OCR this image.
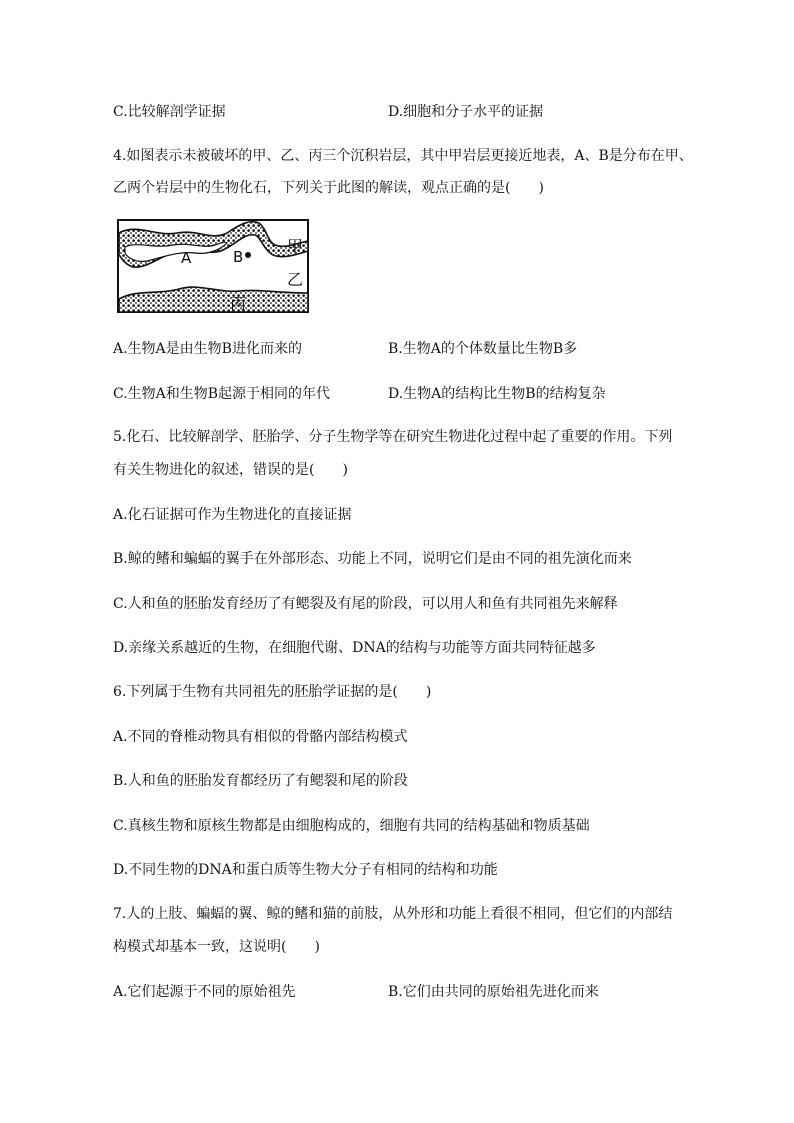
C.比较解剖学证据	D.细胞和分子水平的证据
4.如图表示未被破坏的甲、乙、丙三个沉积岩层，其中甲岩层更接近地表，A、B是分布在甲、
乙两个岩层中的生物化石，下列关于此图的解读，观点正确的是(　　)
A	B
甲
乙
丙
A.生物A是由生物B进化而来的	B.生物A的个体数量比生物B多
C.生物A和生物B起源于相同的年代	D.生物A的结构比生物B的结构复杂
5.化石、比较解剖学、胚胎学、分子生物学等在研究生物进化过程中起了重要的作用。下列
有关生物进化的叙述，错误的是(　　)
A.化石证据可作为生物进化的直接证据
B.鲸的鳍和蝙蝠的翼手在外部形态、功能上不同，说明它们是由不同的祖先演化而来
C.人和鱼的胚胎发育经历了有鳃裂及有尾的阶段，可以用人和鱼有共同祖先来解释
D.亲缘关系越近的生物，在细胞代谢、DNA的结构与功能等方面共同特征越多
6.下列属于生物有共同祖先的胚胎学证据的是(　　)
A.不同的脊椎动物具有相似的骨骼内部结构模式
B.人和鱼的胚胎发育都经历了有鳃裂和尾的阶段
C.真核生物和原核生物都是由细胞构成的，细胞有共同的结构基础和物质基础
D.不同生物的DNA和蛋白质等生物大分子有相同的结构和功能
7.人的上肢、蝙蝠的翼、鲸的鳍和猫的前肢，从外形和功能上看很不相同，但它们的内部结
构模式却基本一致，这说明(　　)
A.它们起源于不同的原始祖先	B.它们由共同的原始祖先进化而来
